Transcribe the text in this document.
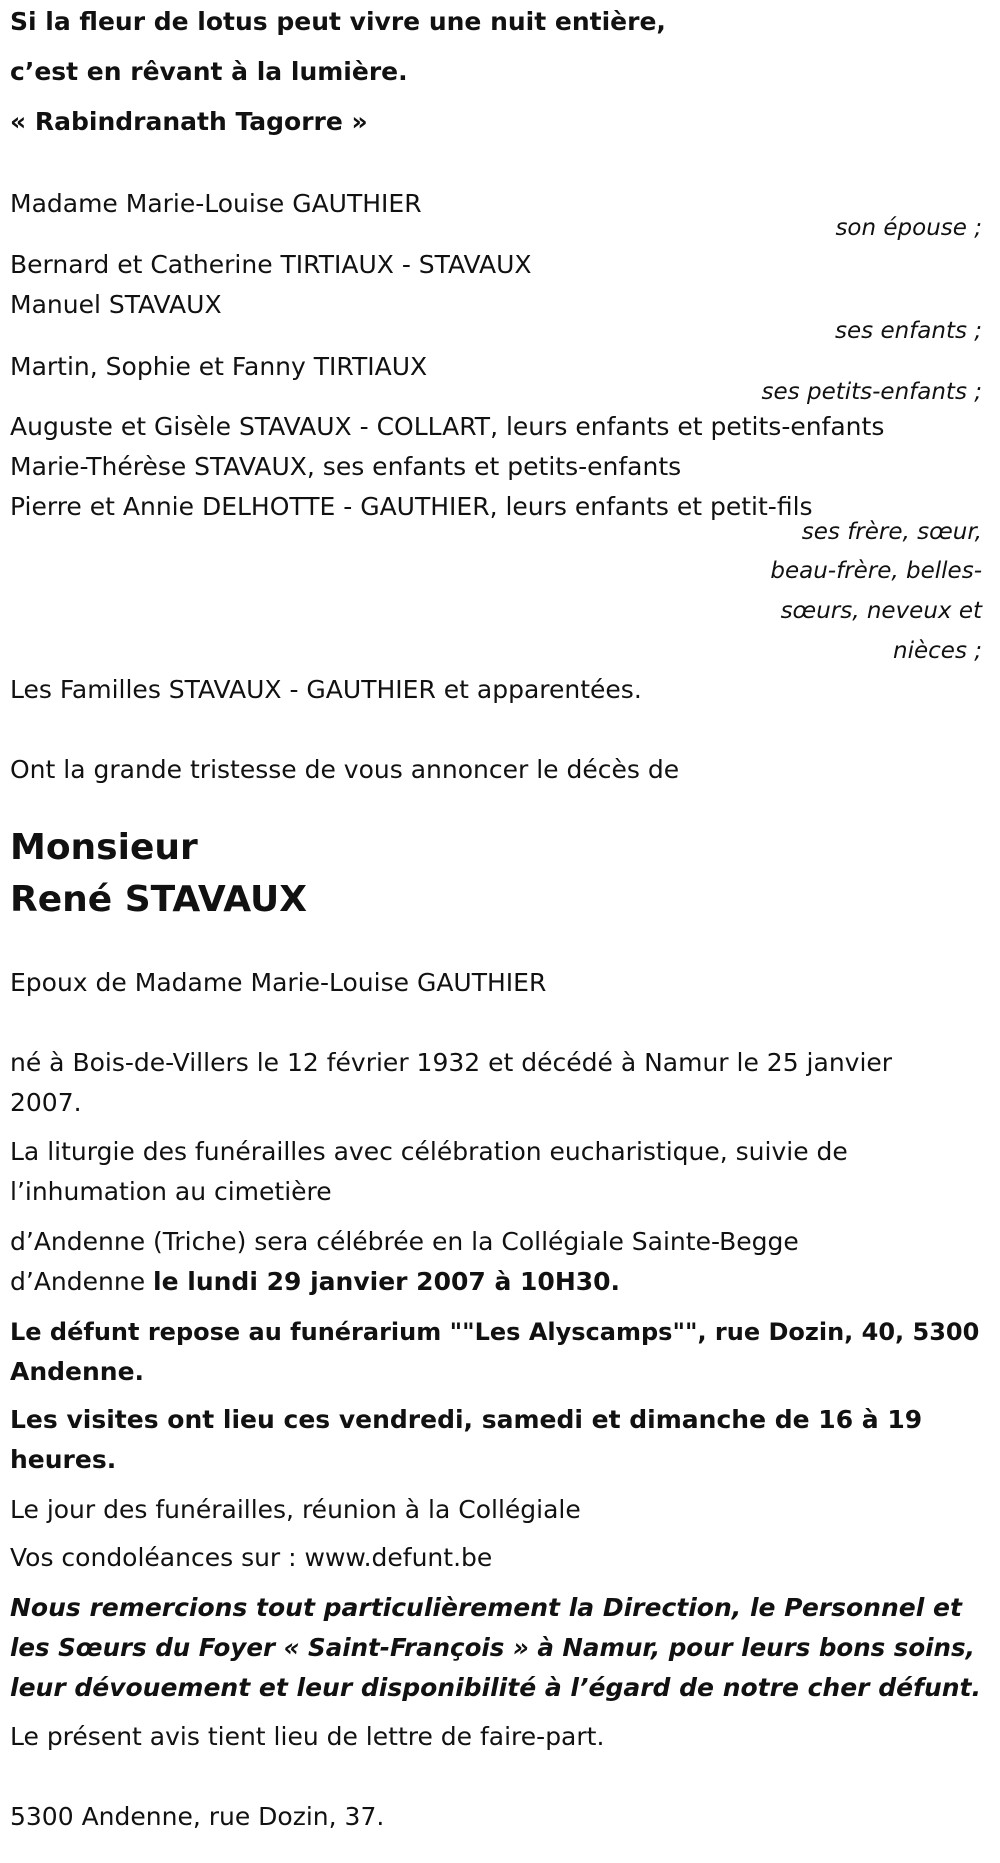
Si la fleur de lotus peut vivre une nuit entière,
c’est en rêvant à la lumière.
« Rabindranath Tagorre »
Madame Marie-Louise GAUTHIER
son épouse ;
Bernard et Catherine TIRTIAUX - STAVAUX
Manuel STAVAUX
ses enfants ;
Martin, Sophie et Fanny TIRTIAUX
ses petits-enfants ;
Auguste et Gisèle STAVAUX - COLLART, leurs enfants et petits-enfants
Marie-Thérèse STAVAUX, ses enfants et petits-enfants
Pierre et Annie DELHOTTE - GAUTHIER, leurs enfants et petit-fils
ses frère, sœur,
beau-frère, belles-
sœurs, neveux et
nièces ;
Les Familles STAVAUX - GAUTHIER et apparentées.
Ont la grande tristesse de vous annoncer le décès de
Monsieur
René STAVAUX
Epoux de Madame Marie-Louise GAUTHIER
né à Bois-de-Villers le 12 février 1932 et décédé à Namur le 25 janvier
2007.
La liturgie des funérailles avec célébration eucharistique, suivie de
l’inhumation au cimetière
d’Andenne (Triche) sera célébrée en la Collégiale Sainte-Begge
d’Andenne le lundi 29 janvier 2007 à 10H30.
Le défunt repose au funérarium ""Les Alyscamps"", rue Dozin, 40, 5300
Andenne.
Les visites ont lieu ces vendredi, samedi et dimanche de 16 à 19
heures.
Le jour des funérailles, réunion à la Collégiale
Vos condoléances sur : www.defunt.be
Nous remercions tout particulièrement la Direction, le Personnel et
les Sœurs du Foyer « Saint-François » à Namur, pour leurs bons soins,
leur dévouement et leur disponibilité à l’égard de notre cher défunt.
Le présent avis tient lieu de lettre de faire-part.
5300 Andenne, rue Dozin, 37.
